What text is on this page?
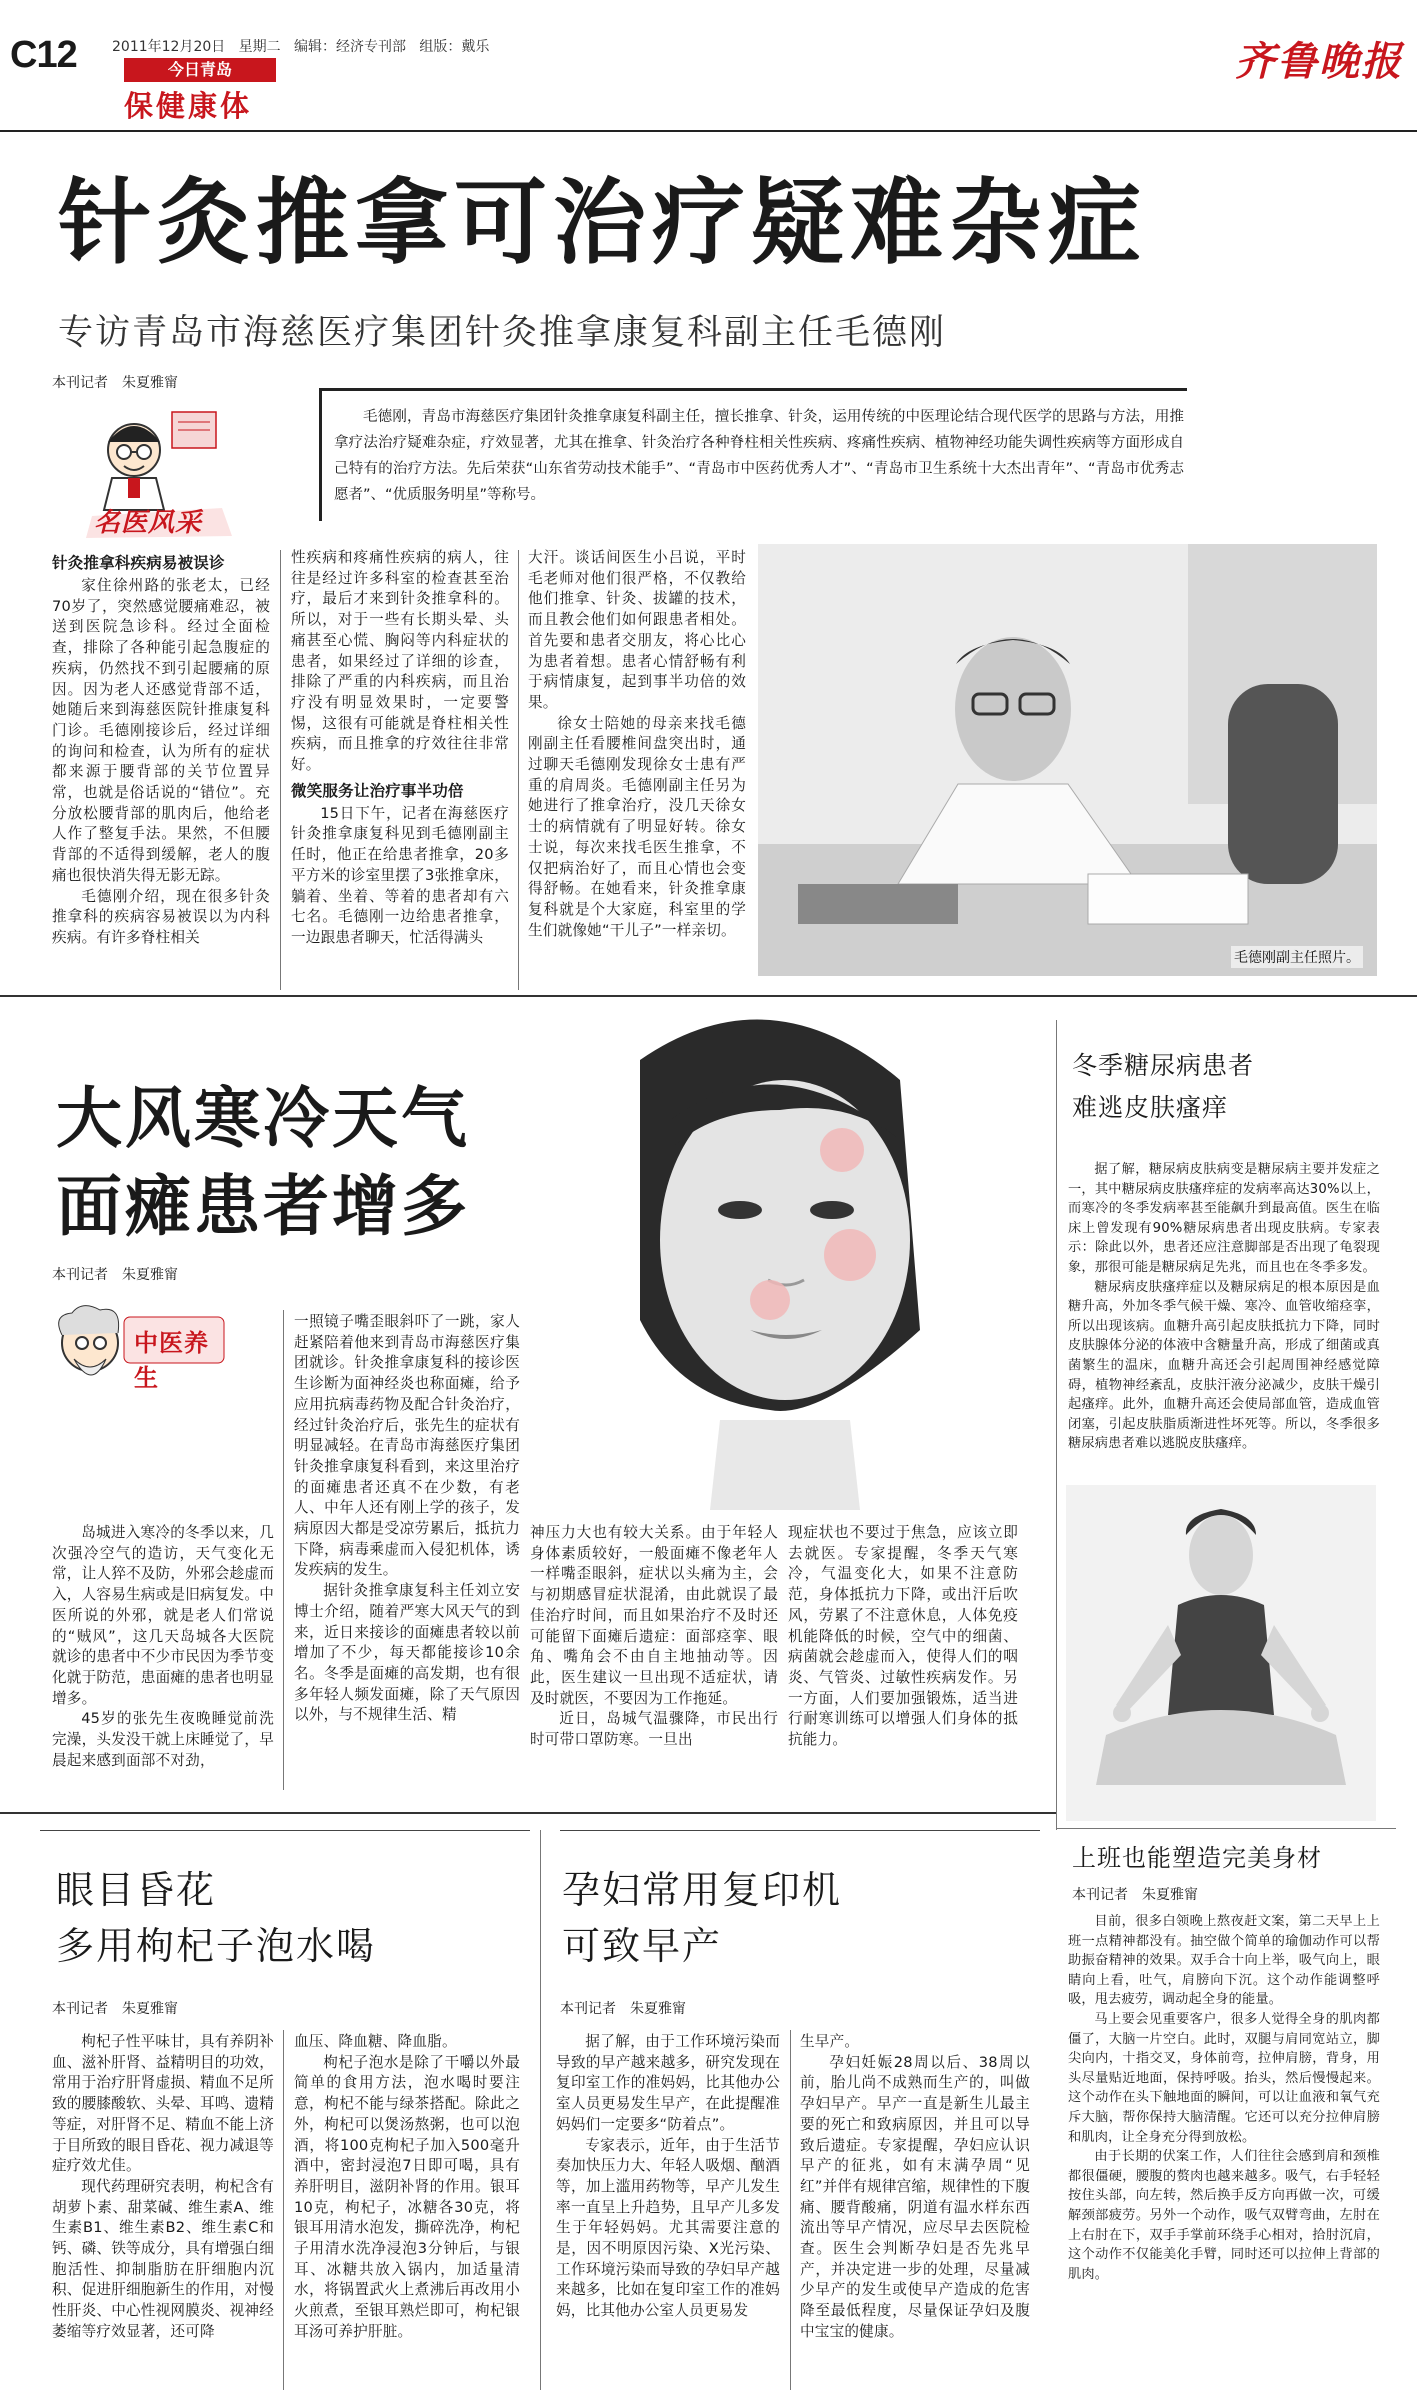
C12	2011年12月20日 星期二 编辑：经济专刊部 组版：戴乐
今日青岛
保健康体
齐鲁晚报
针灸推拿可治疗疑难杂症
专访青岛市海慈医疗集团针灸推拿康复科副主任毛德刚
本刊记者　朱夏雅甯
名医风采
毛德刚，青岛市海慈医疗集团针灸推拿康复科副主任，擅长推拿、针灸，运用传统的中医理论结合现代医学的思路与方法，用推拿疗法治疗疑难杂症，疗效显著，尤其在推拿、针灸治疗各种脊柱相关性疾病、疼痛性疾病、植物神经功能失调性疾病等方面形成自己特有的治疗方法。先后荣获“山东省劳动技术能手”、“青岛市中医药优秀人才”、“青岛市卫生系统十大杰出青年”、“青岛市优秀志愿者”、“优质服务明星”等称号。
针灸推拿科疾病易被误诊

家住徐州路的张老太，已经70岁了，突然感觉腰痛难忍，被送到医院急诊科。经过全面检查，排除了各种能引起急腹症的疾病，仍然找不到引起腰痛的原因。因为老人还感觉背部不适，她随后来到海慈医院针推康复科门诊。毛德刚接诊后，经过详细的询问和检查，认为所有的症状都来源于腰背部的关节位置异常，也就是俗话说的“错位”。充分放松腰背部的肌肉后，他给老人作了整复手法。果然，不但腰背部的不适得到缓解，老人的腹痛也很快消失得无影无踪。

毛德刚介绍，现在很多针灸推拿科的疾病容易被误以为内科疾病。有许多脊柱相关

性疾病和疼痛性疾病的病人，往往是经过许多科室的检查甚至治疗，最后才来到针灸推拿科的。所以，对于一些有长期头晕、头痛甚至心慌、胸闷等内科症状的患者，如果经过了详细的诊查，排除了严重的内科疾病，而且治疗没有明显效果时，一定要警惕，这很有可能就是脊柱相关性疾病，而且推拿的疗效往往非常好。

微笑服务让治疗事半功倍

15日下午，记者在海慈医疗针灸推拿康复科见到毛德刚副主任时，他正在给患者推拿，20多平方米的诊室里摆了3张推拿床，躺着、坐着、等着的患者却有六七名。毛德刚一边给患者推拿，一边跟患者聊天，忙活得满头

大汗。谈话间医生小吕说，平时毛老师对他们很严格，不仅教给他们推拿、针灸、拔罐的技术，而且教会他们如何跟患者相处。首先要和患者交朋友，将心比心为患者着想。患者心情舒畅有利于病情康复，起到事半功倍的效果。

徐女士陪她的母亲来找毛德刚副主任看腰椎间盘突出时，通过聊天毛德刚发现徐女士患有严重的肩周炎。毛德刚副主任另为她进行了推拿治疗，没几天徐女士的病情就有了明显好转。徐女士说，每次来找毛医生推拿，不仅把病治好了，而且心情也会变得舒畅。在她看来，针灸推拿康复科就是个大家庭，科室里的学生们就像她“干儿子”一样亲切。

毛德刚副主任照片。
大风寒冷天气
面瘫患者增多
本刊记者　朱夏雅甯
中医养生

岛城进入寒冷的冬季以来，几次强冷空气的造访，天气变化无常，让人猝不及防，外邪会趁虚而入，人容易生病或是旧病复发。中医所说的外邪，就是老人们常说的“贼风”，这几天岛城各大医院就诊的患者中不少市民因为季节变化就于防范，患面瘫的患者也明显增多。

45岁的张先生夜晚睡觉前洗完澡，头发没干就上床睡觉了，早晨起来感到面部不对劲，

一照镜子嘴歪眼斜吓了一跳，家人赶紧陪着他来到青岛市海慈医疗集团就诊。针灸推拿康复科的接诊医生诊断为面神经炎也称面瘫，给予应用抗病毒药物及配合针灸治疗，经过针灸治疗后，张先生的症状有明显减轻。在青岛市海慈医疗集团针灸推拿康复科看到，来这里治疗的面瘫患者还真不在少数，有老人、中年人还有刚上学的孩子，发病原因大都是受凉劳累后，抵抗力下降，病毒乘虚而入侵犯机体，诱发疾病的发生。

据针灸推拿康复科主任刘立安博士介绍，随着严寒大风天气的到来，近日来接诊的面瘫患者较以前增加了不少，每天都能接诊10余名。冬季是面瘫的高发期，也有很多年轻人频发面瘫，除了天气原因以外，与不规律生活、精

神压力大也有较大关系。由于年轻人身体素质较好，一般面瘫不像老年人一样嘴歪眼斜，症状以头痛为主，会与初期感冒症状混淆，由此就误了最佳治疗时间，而且如果治疗不及时还可能留下面瘫后遗症：面部痉挛、眼角、嘴角会不由自主地抽动等。因此，医生建议一旦出现不适症状，请及时就医，不要因为工作拖延。

近日，岛城气温骤降，市民出行时可带口罩防寒。一旦出

现症状也不要过于焦急，应该立即去就医。专家提醒，冬季天气寒冷，气温变化大，如果不注意防范，身体抵抗力下降，或出汗后吹风，劳累了不注意休息，人体免疫机能降低的时候，空气中的细菌、病菌就会趁虚而入，使得人们的咽炎、气管炎、过敏性疾病发作。另一方面，人们要加强锻炼，适当进行耐寒训练可以增强人们身体的抵抗能力。

冬季糖尿病患者
难逃皮肤瘙痒

据了解，糖尿病皮肤病变是糖尿病主要并发症之一，其中糖尿病皮肤瘙痒症的发病率高达30%以上，而寒冷的冬季发病率甚至能飙升到最高值。医生在临床上曾发现有90%糖尿病患者出现皮肤病。专家表示：除此以外，患者还应注意脚部是否出现了龟裂现象，那很可能是糖尿病足先兆，而且也在冬季多发。

糖尿病皮肤瘙痒症以及糖尿病足的根本原因是血糖升高，外加冬季气候干燥、寒冷、血管收缩痉挛，所以出现该病。血糖升高引起皮肤抵抗力下降，同时皮肤腺体分泌的体液中含糖量升高，形成了细菌或真菌繁生的温床，血糖升高还会引起周围神经感觉障碍，植物神经紊乱，皮肤汗液分泌减少，皮肤干燥引起瘙痒。此外，血糖升高还会使局部血管，造成血管闭塞，引起皮肤脂质渐进性坏死等。所以，冬季很多糖尿病患者难以逃脱皮肤瘙痒。

上班也能塑造完美身材
本刊记者　朱夏雅甯

目前，很多白领晚上熬夜赶文案，第二天早上上班一点精神都没有。抽空做个简单的瑜伽动作可以帮助振奋精神的效果。双手合十向上举，吸气向上，眼睛向上看，吐气，肩膀向下沉。这个动作能调整呼吸，甩去疲劳，调动起全身的能量。

马上要会见重要客户，很多人觉得全身的肌肉都僵了，大脑一片空白。此时，双腿与肩同宽站立，脚尖向内，十指交叉，身体前弯，拉伸肩膀，背身，用头尽量贴近地面，保持呼吸。抬头，然后慢慢起来。这个动作在头下触地面的瞬间，可以让血液和氧气充斥大脑，帮你保持大脑清醒。它还可以充分拉伸肩膀和肌肉，让全身充分得到放松。

由于长期的伏案工作，人们往往会感到肩和颈椎都很僵硬，腰腹的赘肉也越来越多。吸气，右手轻轻按住头部，向左转，然后换手反方向再做一次，可缓解颈部疲劳。另外一个动作，吸气双臂弯曲，左肘在上右肘在下，双手手掌前环绕手心相对，拾肘沉肩，这个动作不仅能美化手臂，同时还可以拉伸上背部的肌肉。

眼目昏花
多用枸杞子泡水喝
本刊记者　朱夏雅甯

枸杞子性平味甘，具有养阴补血、滋补肝肾、益精明目的功效，常用于治疗肝肾虚损、精血不足所致的腰膝酸软、头晕、耳鸣、遗精等症，对肝肾不足、精血不能上济于目所致的眼目昏花、视力减退等症疗效尤佳。

现代药理研究表明，枸杞含有胡萝卜素、甜菜碱、维生素A、维生素B1、维生素B2、维生素C和钙、磷、铁等成分，具有增强白细胞活性、抑制脂肪在肝细胞内沉积、促进肝细胞新生的作用，对慢性肝炎、中心性视网膜炎、视神经萎缩等疗效显著，还可降

血压、降血糖、降血脂。

枸杞子泡水是除了干嚼以外最简单的食用方法，泡水喝时要注意，枸杞不能与绿茶搭配。除此之外，枸杞可以煲汤熬粥，也可以泡酒，将100克枸杞子加入500毫升酒中，密封浸泡7日即可喝，具有养肝明目，滋阴补肾的作用。银耳10克，枸杞子，冰糖各30克，将银耳用清水泡发，撕碎洗净，枸杞子用清水洗净浸泡3分钟后，与银耳、冰糖共放入锅内，加适量清水，将锅置武火上煮沸后再改用小火煎煮，至银耳熟烂即可，枸杞银耳汤可养护肝脏。

孕妇常用复印机
可致早产
本刊记者　朱夏雅甯

据了解，由于工作环境污染而导致的早产越来越多，研究发现在复印室工作的准妈妈，比其他办公室人员更易发生早产，在此提醒准妈妈们一定要多“防着点”。

专家表示，近年，由于生活节奏加快压力大、年轻人吸烟、酗酒等，加上滥用药物等，早产儿发生率一直呈上升趋势，且早产儿多发生于年轻妈妈。尤其需要注意的是，因不明原因污染、X光污染、工作环境污染而导致的孕妇早产越来越多，比如在复印室工作的准妈妈，比其他办公室人员更易发

生早产。

孕妇妊娠28周以后、38周以前，胎儿尚不成熟而生产的，叫做孕妇早产。早产一直是新生儿最主要的死亡和致病原因，并且可以导致后遗症。专家提醒，孕妇应认识早产的征兆，如有末满孕周“见红”并伴有规律宫缩，规律性的下腹痛、腰背酸痛，阴道有温水样东西流出等早产情况，应尽早去医院检查。医生会判断孕妇是否先兆早产，并决定进一步的处理，尽量减少早产的发生或使早产造成的危害降至最低程度，尽量保证孕妇及腹中宝宝的健康。
